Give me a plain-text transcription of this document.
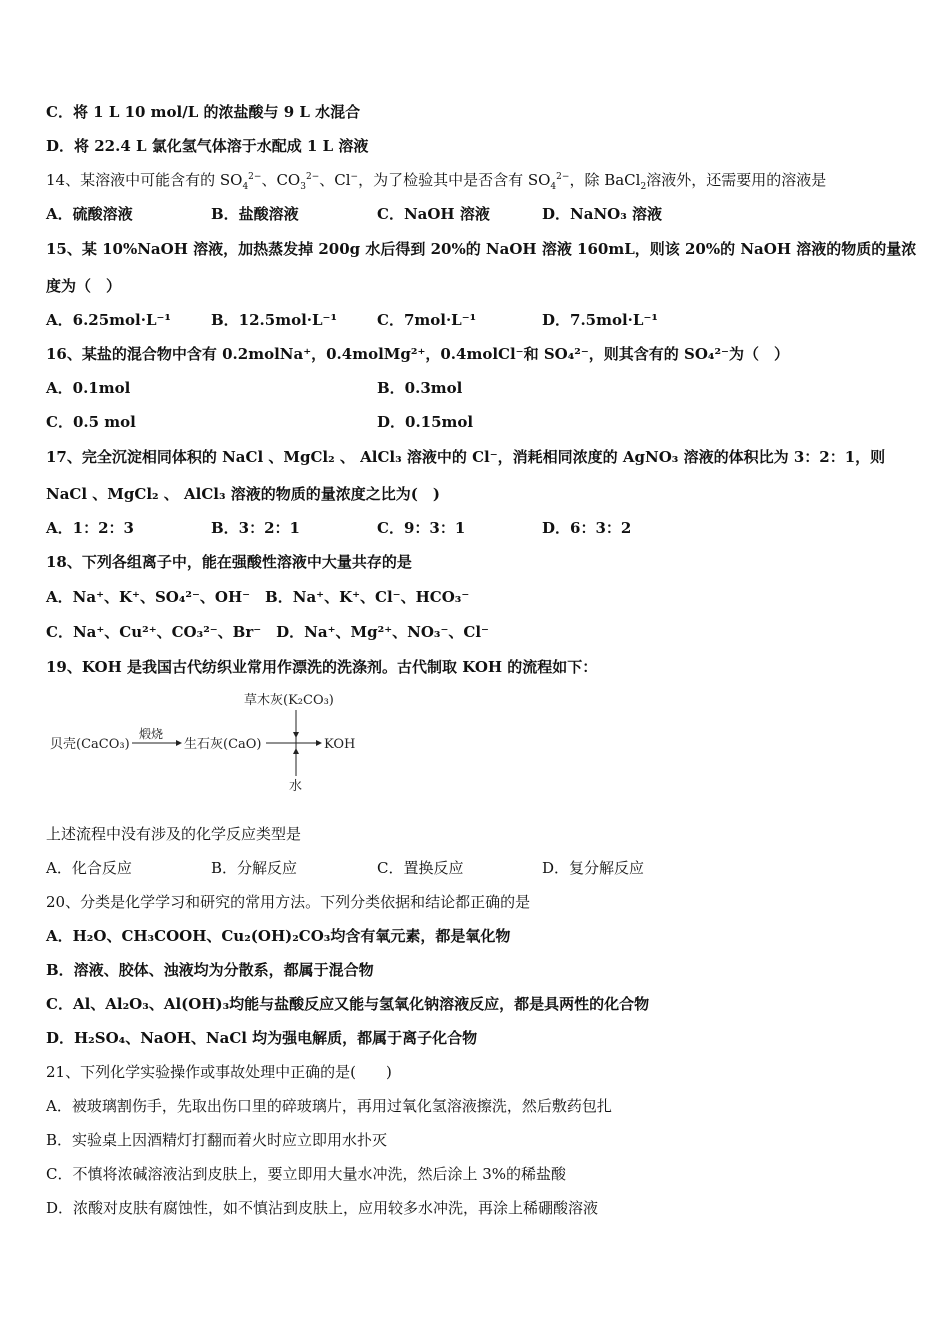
C．将 1 L 10 mol/L 的浓盐酸与 9 L 水混合
D．将 22.4 L 氯化氢气体溶于水配成 1 L 溶液
14、某溶液中可能含有的 $SO_4^{2-}$、$CO_3^{2-}$、Cl−，为了检验其中是否含有 $SO_4^{2-}$，除 BaCl$_2$溶液外，还需要用的溶液是
A．硫酸溶液	B．盐酸溶液	C．NaOH 溶液	D．NaNO₃ 溶液
15、某 10%NaOH 溶液，加热蒸发掉 200g 水后得到 20%的 NaOH 溶液 160mL，则该 20%的 NaOH 溶液的物质的量浓
度为（　）
A．6.25mol·L⁻¹	B．12.5mol·L⁻¹	C．7mol·L⁻¹	D．7.5mol·L⁻¹
16、某盐的混合物中含有 0.2molNa⁺，0.4molMg²⁺，0.4molCl⁻和 SO₄²⁻，则其含有的 SO₄²⁻为（　）
A．0.1mol	B．0.3mol
C．0.5 mol	D．0.15mol
17、完全沉淀相同体积的 NaCl 、MgCl₂ 、 AlCl₃ 溶液中的 Cl⁻，消耗相同浓度的 AgNO₃ 溶液的体积比为 3：2：1，则
NaCl 、MgCl₂ 、 AlCl₃ 溶液的物质的量浓度之比为(　)
A．1：2：3	B．3：2：1	C．9：3：1	D．6：3：2
18、下列各组离子中，能在强酸性溶液中大量共存的是
A．Na⁺、K⁺、SO₄²⁻、OH⁻　B．Na⁺、K⁺、Cl⁻、HCO₃⁻
C．Na⁺、Cu²⁺、CO₃²⁻、Br⁻　D．Na⁺、Mg²⁺、NO₃⁻、Cl⁻
19、KOH 是我国古代纺织业常用作漂洗的洗涤剂。古代制取 KOH 的流程如下：
草木灰(K₂CO₃)
贝壳(CaCO₃)
煅烧
生石灰(CaO)	KOH
水
上述流程中没有涉及的化学反应类型是
A．化合反应	B．分解反应	C．置换反应	D．复分解反应
20、分类是化学学习和研究的常用方法。下列分类依据和结论都正确的是
A．H₂O、CH₃COOH、Cu₂(OH)₂CO₃均含有氧元素，都是氧化物
B．溶液、胶体、浊液均为分散系，都属于混合物
C．Al、Al₂O₃、Al(OH)₃均能与盐酸反应又能与氢氧化钠溶液反应，都是具两性的化合物
D．H₂SO₄、NaOH、NaCl 均为强电解质，都属于离子化合物
21、下列化学实验操作或事故处理中正确的是(　　)
A．被玻璃割伤手，先取出伤口里的碎玻璃片，再用过氧化氢溶液擦洗，然后敷药包扎
B．实验桌上因酒精灯打翻而着火时应立即用水扑灭
C．不慎将浓碱溶液沾到皮肤上，要立即用大量水冲洗，然后涂上 3%的稀盐酸
D．浓酸对皮肤有腐蚀性，如不慎沾到皮肤上，应用较多水冲洗，再涂上稀硼酸溶液
